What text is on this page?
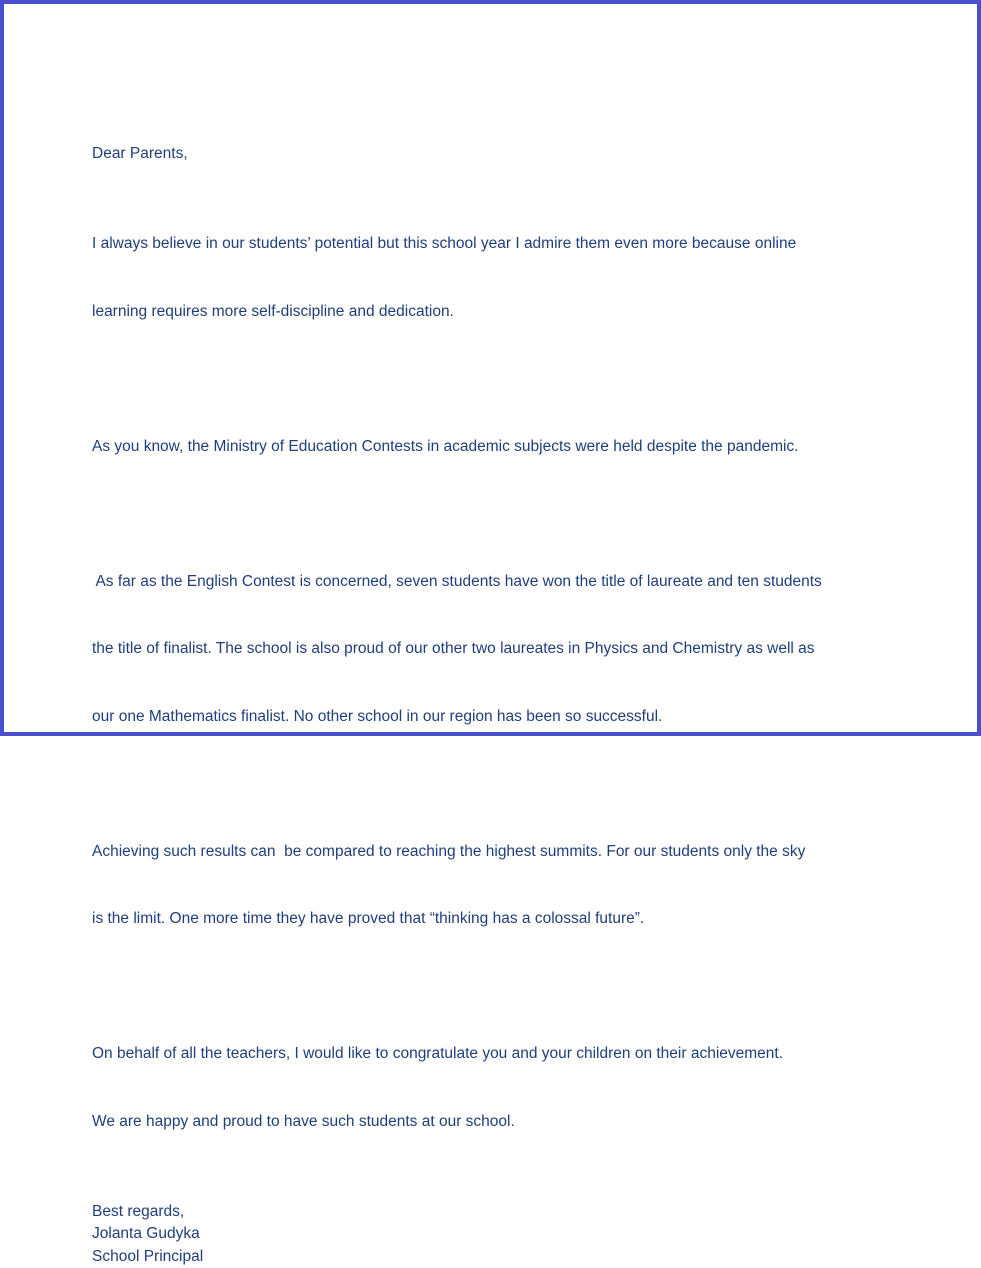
Dear Parents,

I always believe in our students’ potential but this school year I admire them even more because online

learning requires more self-discipline and dedication.

As you know, the Ministry of Education Contests in academic subjects were held despite the pandemic.

As far as the English Contest is concerned, seven students have won the title of laureate and ten students

the title of finalist. The school is also proud of our other two laureates in Physics and Chemistry as well as

our one Mathematics finalist. No other school in our region has been so successful.

Achieving such results can  be compared to reaching the highest summits. For our students only the sky

is the limit. One more time they have proved that “thinking has a colossal future”.

On behalf of all the teachers, I would like to congratulate you and your children on their achievement.

We are happy and proud to have such students at our school.

Best regards,

Jolanta Gudyka

School Principal
